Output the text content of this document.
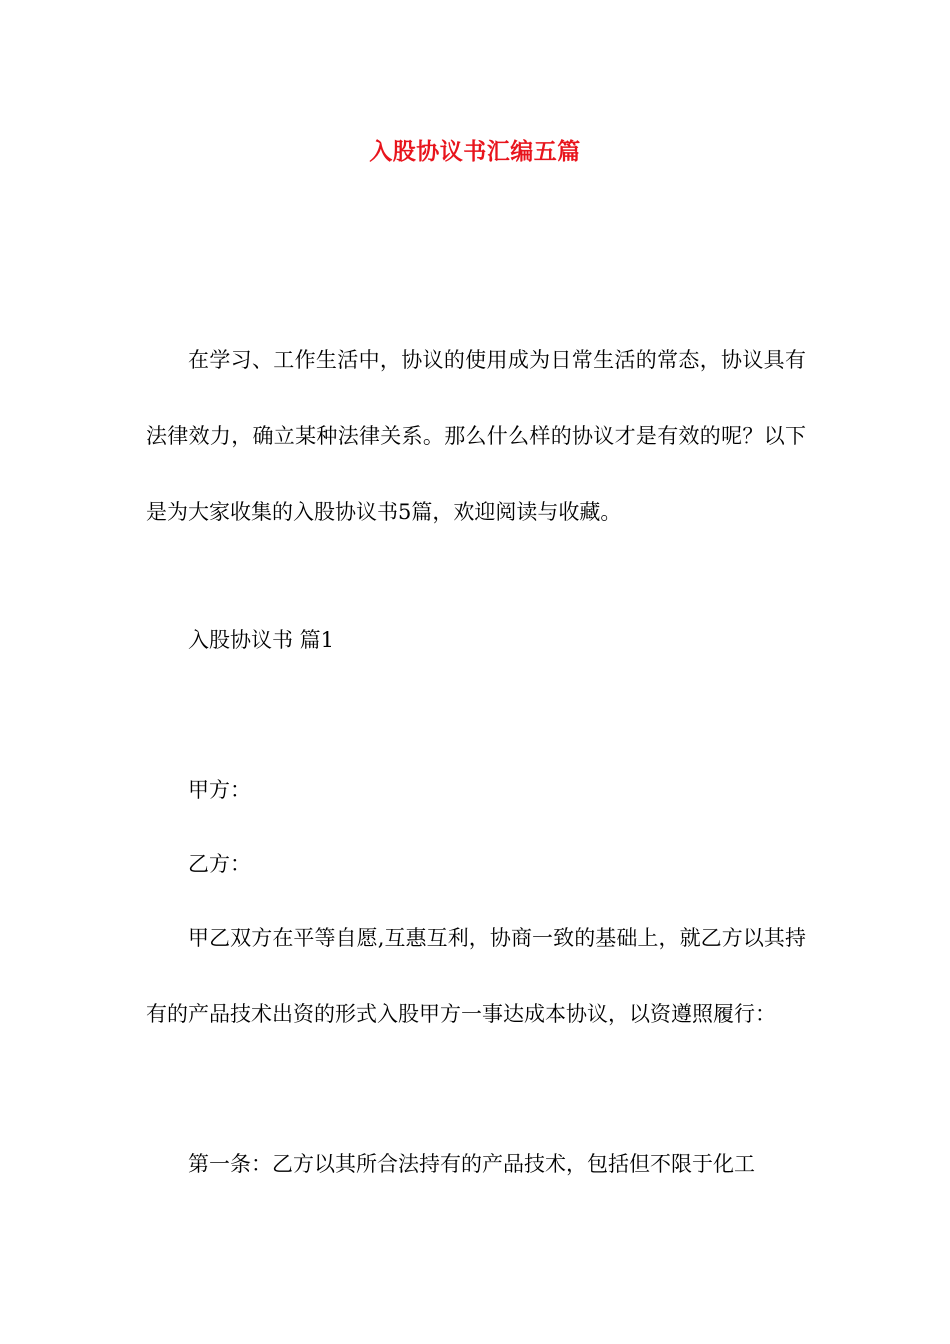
入股协议书汇编五篇

在学习、工作生活中，协议的使用成为日常生活的常态，协议具有法律效力，确立某种法律关系。那么什么样的协议才是有效的呢？以下是为大家收集的入股协议书5篇，欢迎阅读与收藏。

入股协议书 篇1

甲方：

乙方：

甲乙双方在平等自愿,互惠互利，协商一致的基础上，就乙方以其持有的产品技术出资的形式入股甲方一事达成本协议，以资遵照履行：

第一条：乙方以其所合法持有的产品技术，包括但不限于化工
